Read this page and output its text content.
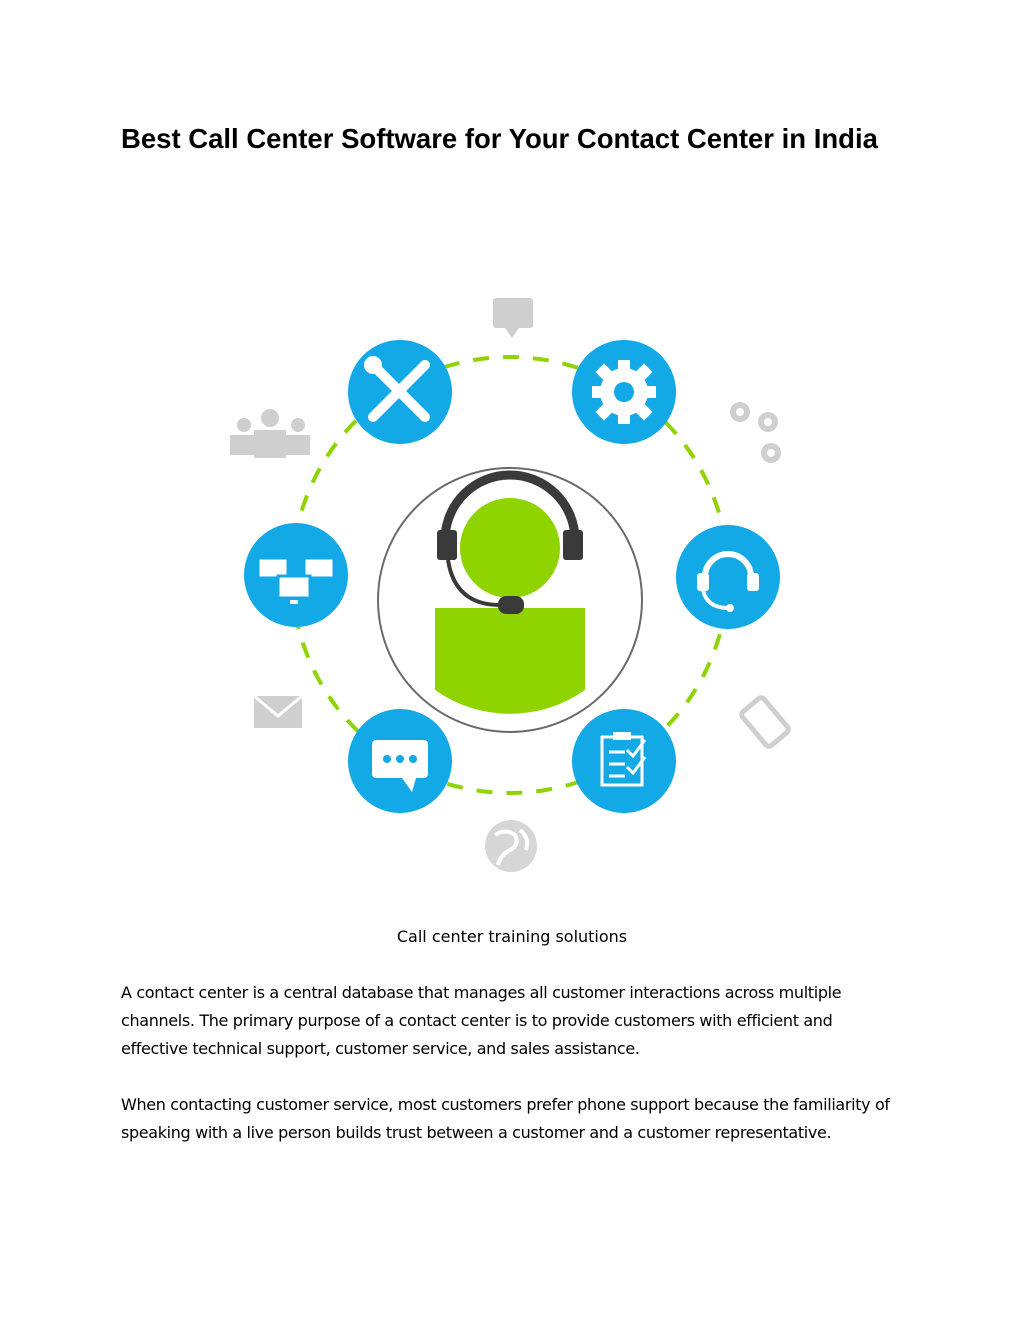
Best Call Center Software for Your Contact Center in India

Call center training solutions

A contact center is a central database that manages all customer interactions across multiple channels. The primary purpose of a contact center is to provide customers with efficient and effective technical support, customer service, and sales assistance.

When contacting customer service, most customers prefer phone support because the familiarity of speaking with a live person builds trust between a customer and a customer representative.
